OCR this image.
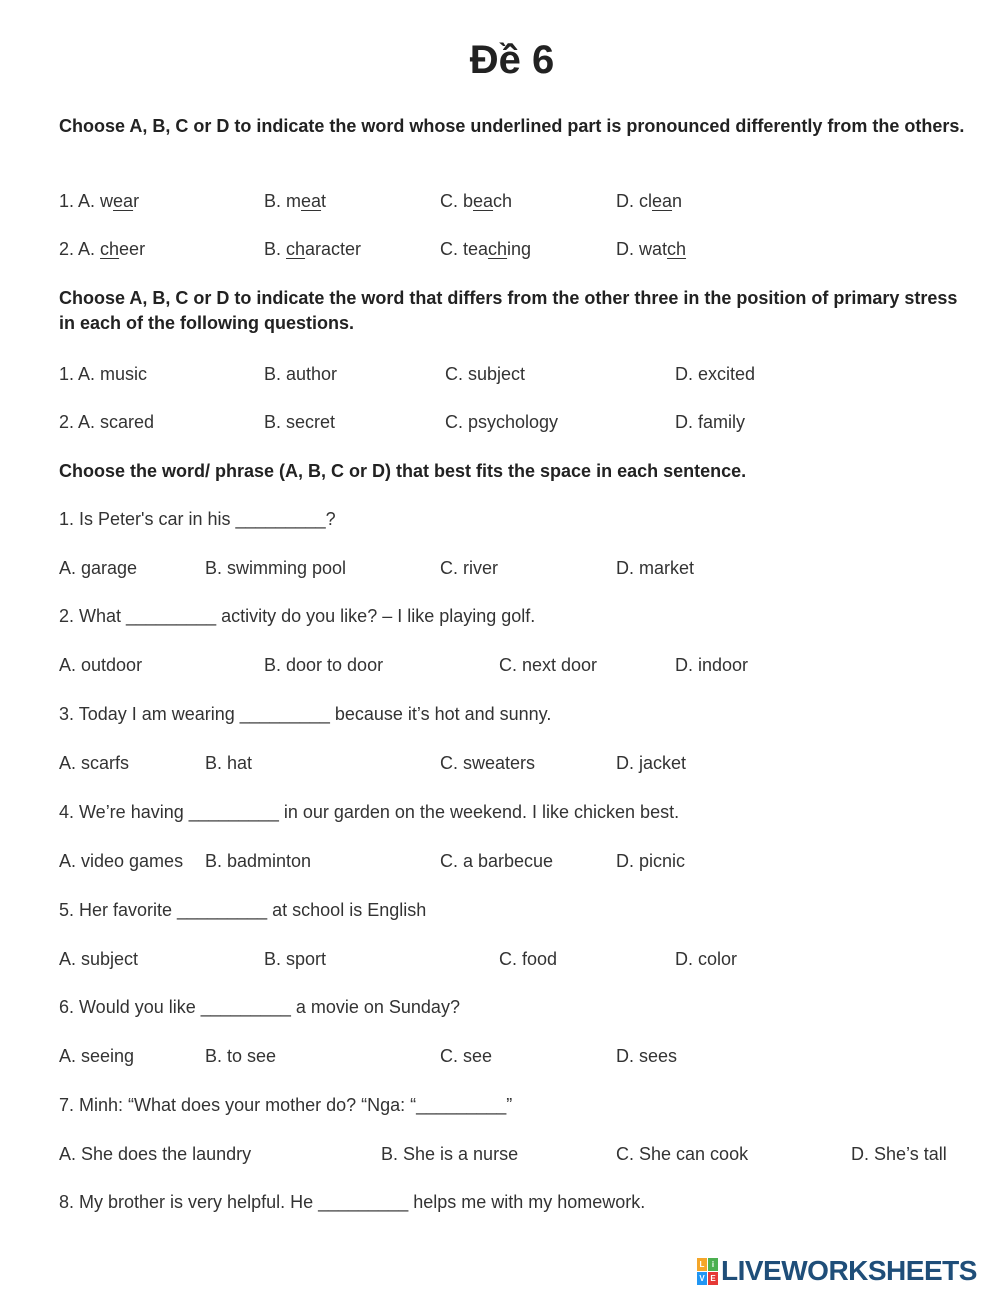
Đề 6
Choose A, B, C or D to indicate the word whose underlined part is pronounced differently from the others.
1. A. wear	B. meat	C. beach	D. clean
2. A. cheer	B. character	C. teaching	D. watch
Choose A, B, C or D to indicate the word that differs from the other three in the position of primary stress in each of the following questions.
1. A. music	B. author	C. subject	D. excited
2. A. scared	B. secret	C. psychology	D. family
Choose the word/ phrase (A, B, C or D) that best fits the space in each sentence.
1. Is Peter's car in his _________?
A. garage	B. swimming pool	C. river	D. market
2. What _________ activity do you like? – I like playing golf.
A. outdoor	B. door to door	C. next door	D. indoor
3. Today I am wearing _________ because it’s hot and sunny.
A. scarfs	B. hat	C. sweaters	D. jacket
4. We’re having _________ in our garden on the weekend. I like chicken best.
A. video games B. badminton	C. a barbecue	D. picnic
5. Her favorite _________ at school is English
A. subject	B. sport	C. food	D. color
6. Would you like _________ a movie on Sunday?
A. seeing	B. to see	C. see	D. sees
7. Minh: “What does your mother do? “Nga: “_________”
A. She does the laundry	B. She is a nurse	C. She can cook	D. She’s tall
8. My brother is very helpful. He _________ helps me with my homework.
L i
V E LIVEWORKSHEETS
